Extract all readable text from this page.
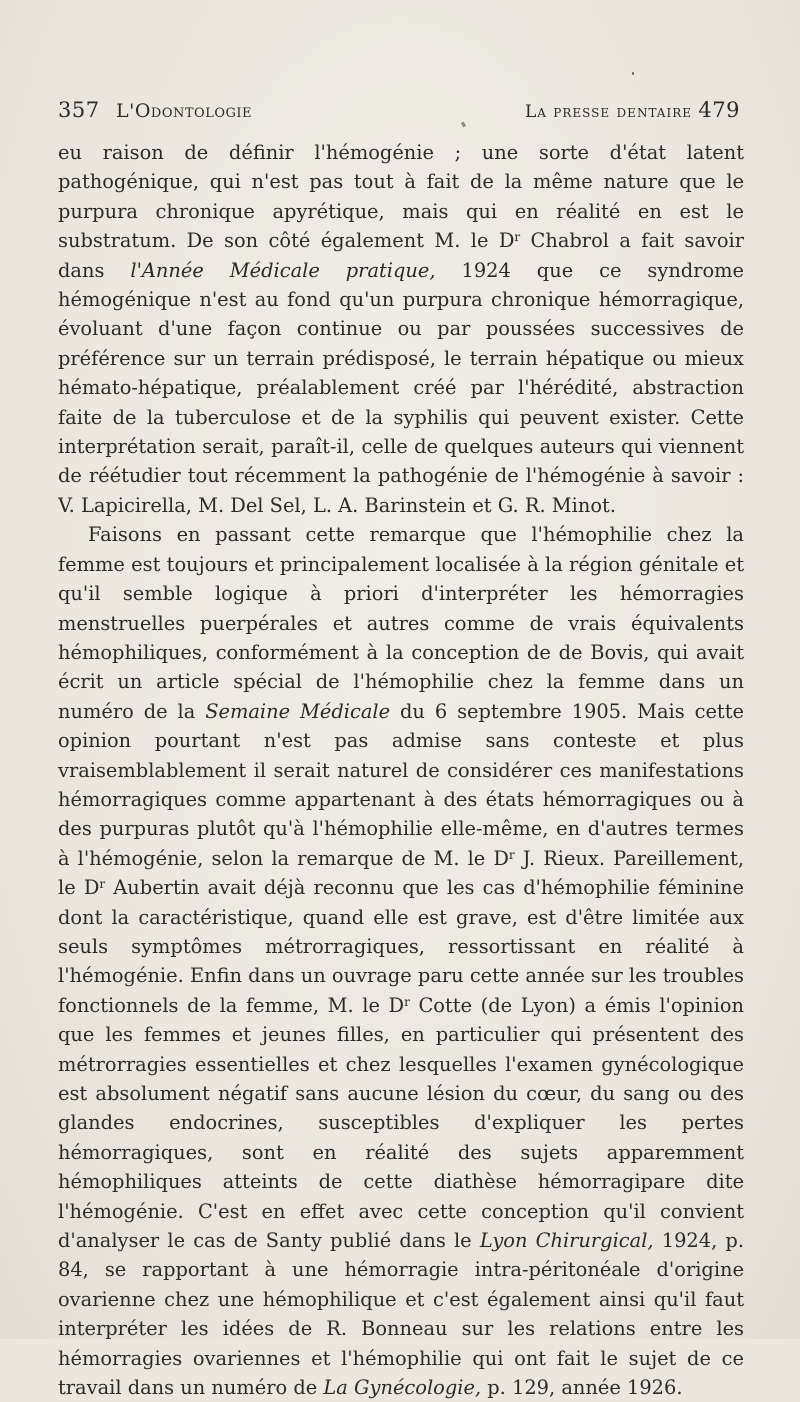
357 L'Odontologie	La presse dentaire 479

eu raison de définir l'hémogénie ; une sorte d'état latent pathogénique, qui n'est pas tout à fait de la même nature que le purpura chronique apyrétique, mais qui en réalité en est le substratum. De son côté également M. le $D^r$ Chabrol a fait savoir dans l'Année Médicale pratique, 1924 que ce syndrome hémogénique n'est au fond qu'un purpura chronique hémorragique, évoluant d'une façon continue ou par poussées successives de préférence sur un terrain prédisposé, le terrain hépatique ou mieux hémato-hépatique, préalablement créé par l'hérédité, abstraction faite de la tuberculose et de la syphilis qui peuvent exister. Cette interprétation serait, paraît-il, celle de quelques auteurs qui viennent de réétudier tout récemment la pathogénie de l'hémogénie à savoir : V. Lapicirella, M. Del Sel, L. A. Barinstein et G. R. Minot.

Faisons en passant cette remarque que l'hémophilie chez la femme est toujours et principalement localisée à la région génitale et qu'il semble logique à priori d'interpréter les hémorragies menstruelles puerpérales et autres comme de vrais équivalents hémophiliques, conformément à la conception de de Bovis, qui avait écrit un article spécial de l'hémophilie chez la femme dans un numéro de la Semaine Médicale du 6 septembre 1905. Mais cette opinion pourtant n'est pas admise sans conteste et plus vraisemblablement il serait naturel de considérer ces manifestations hémorragiques comme appartenant à des états hémorragiques ou à des purpuras plutôt qu'à l'hémophilie elle-même, en d'autres termes à l'hémogénie, selon la remarque de M. le $D^r$ J. Rieux. Pareillement, le $D^r$ Aubertin avait déjà reconnu que les cas d'hémophilie féminine dont la caractéristique, quand elle est grave, est d'être limitée aux seuls symptômes métrorragiques, ressortissant en réalité à l'hémogénie. Enfin dans un ouvrage paru cette année sur les troubles fonctionnels de la femme, M. le $D^r$ Cotte (de Lyon) a émis l'opinion que les femmes et jeunes filles, en particulier qui présentent des métrorragies essentielles et chez lesquelles l'examen gynécologique est absolument négatif sans aucune lésion du cœur, du sang ou des glandes endocrines, susceptibles d'expliquer les pertes hémorragiques, sont en réalité des sujets apparemment hémophiliques atteints de cette diathèse hémorragipare dite l'hémogénie. C'est en effet avec cette conception qu'il convient d'analyser le cas de Santy publié dans le Lyon Chirurgical, 1924, p. 84, se rapportant à une hémorragie intra-péritonéale d'origine ovarienne chez une hémophilique et c'est également ainsi qu'il faut interpréter les idées de R. Bonneau sur les relations entre les hémorragies ovariennes et l'hémophilie qui ont fait le sujet de ce travail dans un numéro de La Gynécologie, p. 129, année 1926.
